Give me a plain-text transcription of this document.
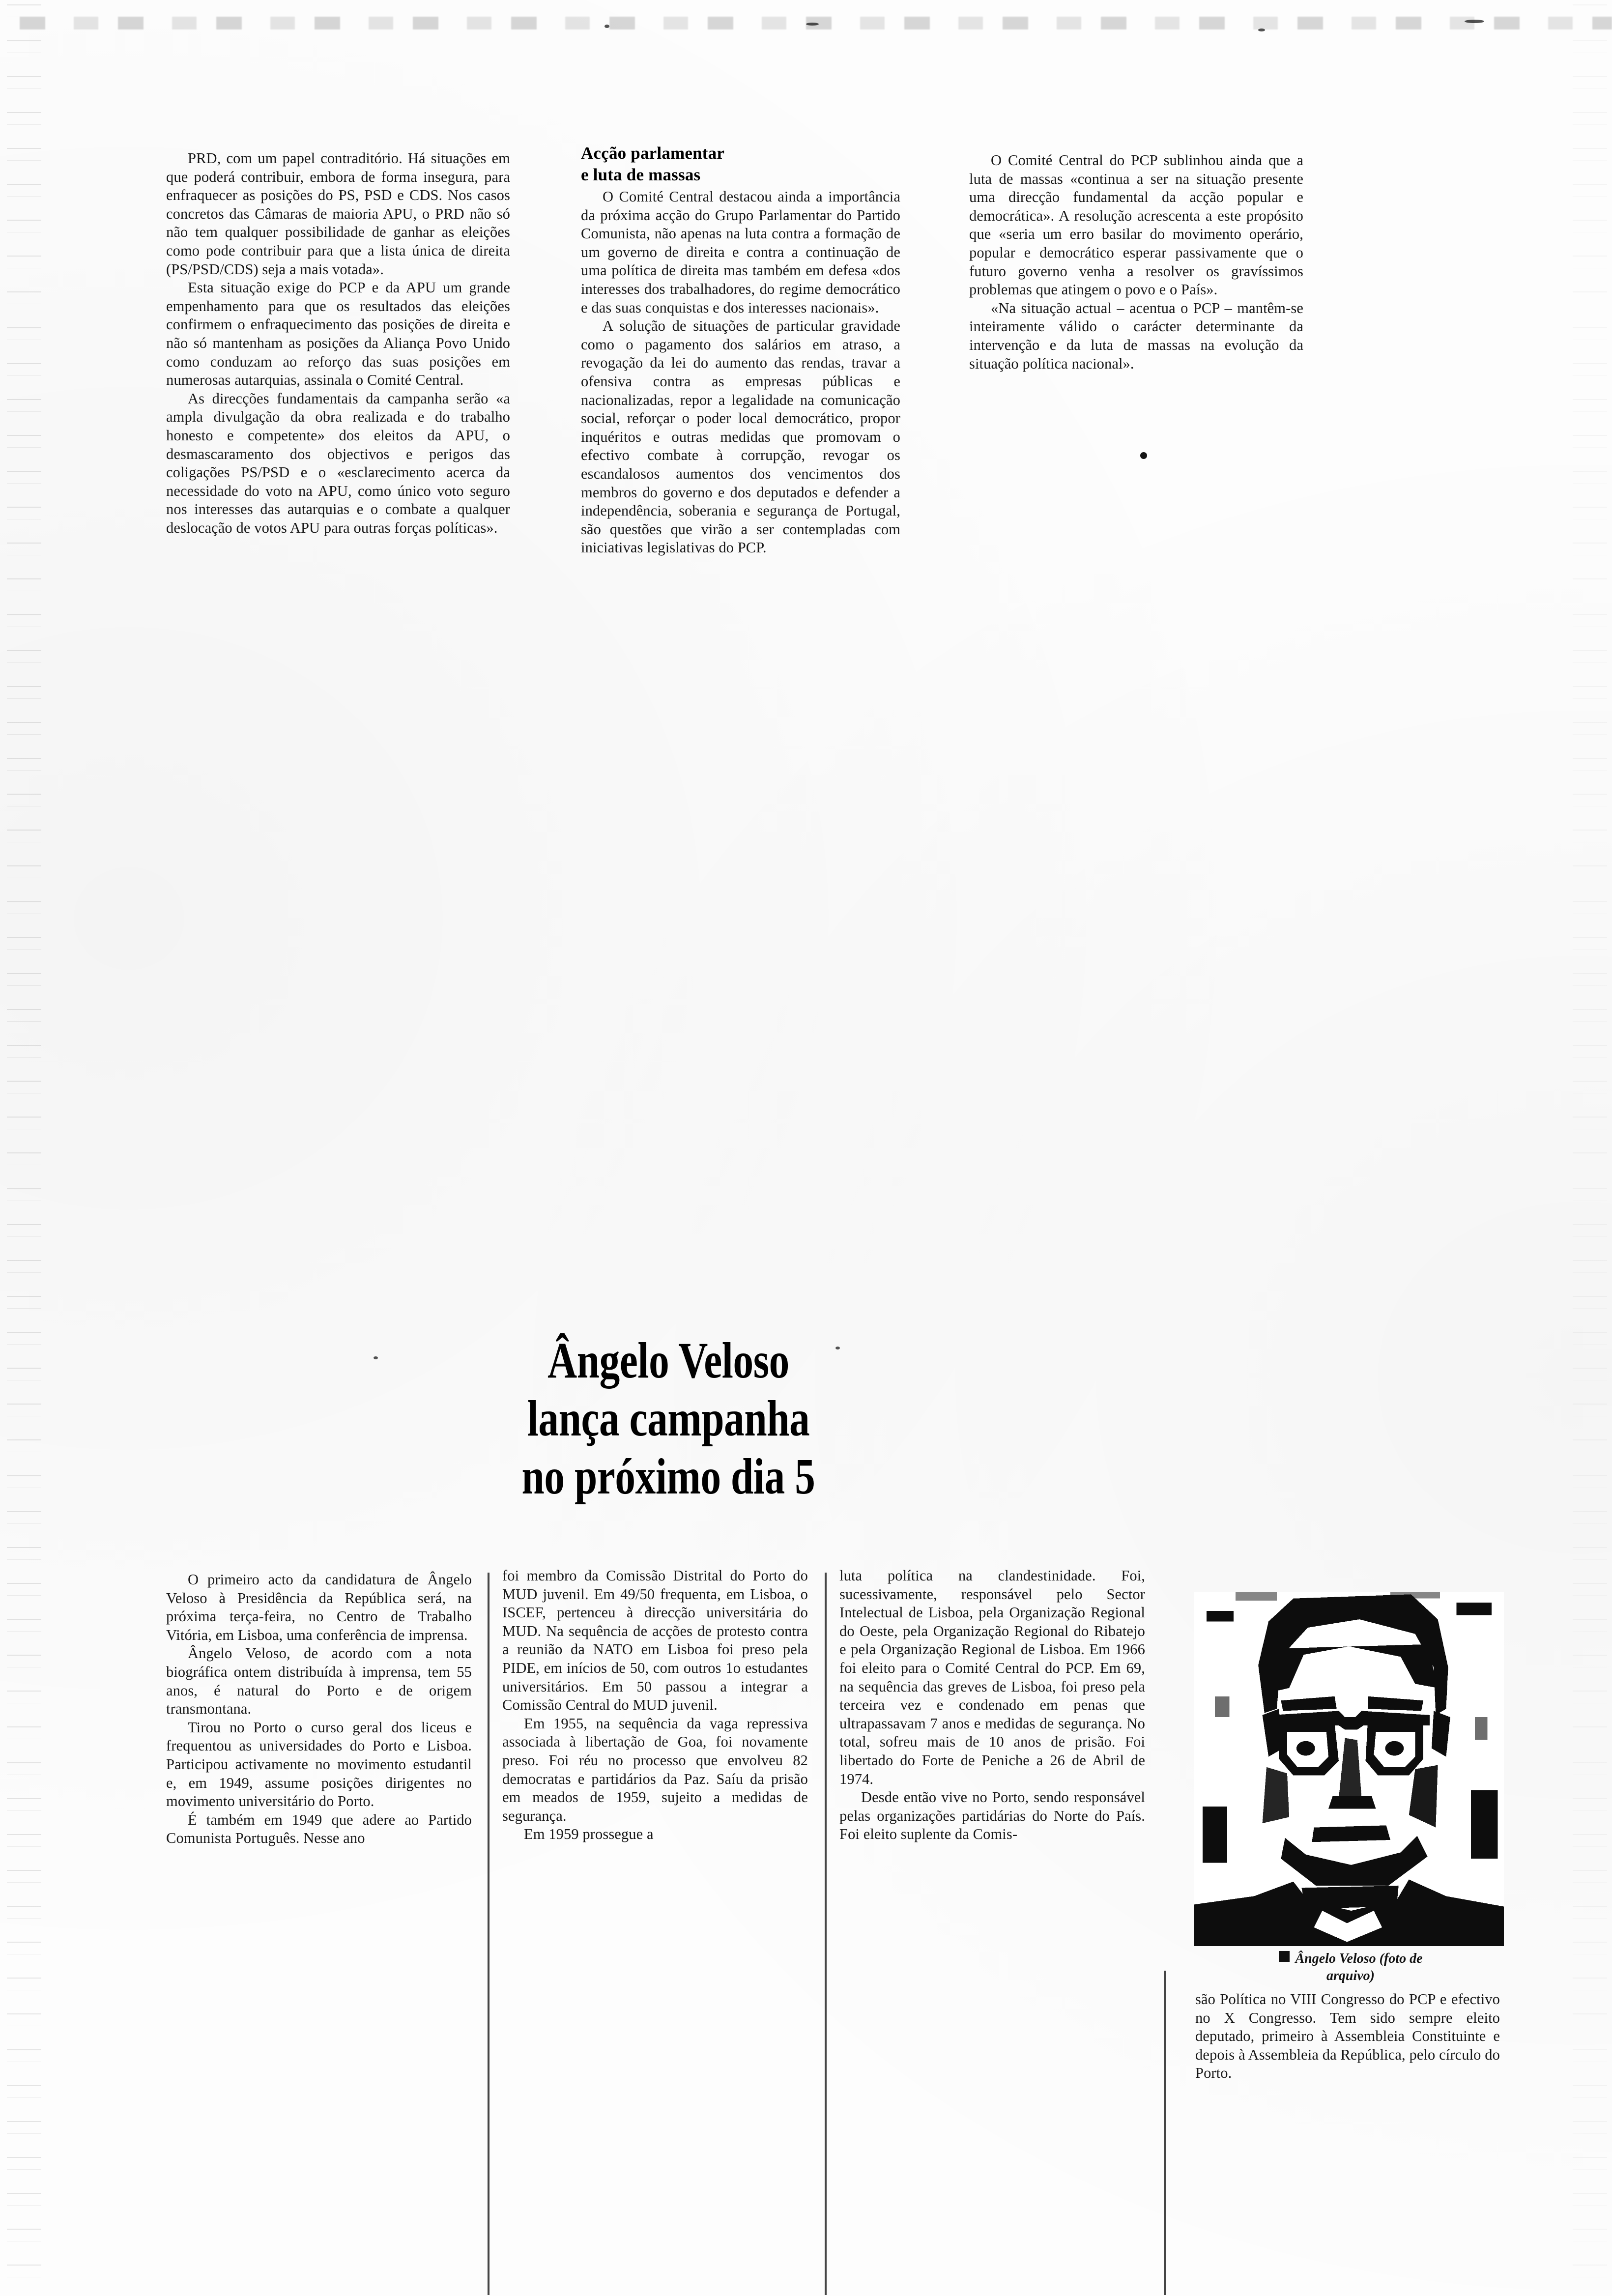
PRD, com um papel contraditório. Há situações em que poderá contribuir, embora de forma insegura, para enfraquecer as posições do PS, PSD e CDS. Nos casos concretos das Câmaras de maioria APU, o PRD não só não tem qualquer possibilidade de ganhar as eleições como pode contribuir para que a lista única de direita (PS/PSD/CDS) seja a mais votada».

Esta situação exige do PCP e da APU um grande empenhamento para que os resultados das eleições confirmem o enfraquecimento das posições de direita e não só mantenham as posições da Aliança Povo Unido como conduzam ao reforço das suas posições em numerosas autarquias, assinala o Comité Central.

As direcções fundamentais da campanha serão «a ampla divulgação da obra realizada e do trabalho honesto e competente» dos eleitos da APU, o desmascaramento dos objectivos e perigos das coligações PS/PSD e o «esclarecimento acerca da necessidade do voto na APU, como único voto seguro nos interesses das autarquias e o combate a qualquer deslocação de votos APU para outras forças políticas».

Acção parlamentar
e luta de massas

O Comité Central destacou ainda a importância da próxima acção do Grupo Parlamentar do Partido Comunista, não apenas na luta contra a formação de um governo de direita e contra a continuação de uma política de direita mas também em defesa «dos interesses dos trabalhadores, do regime democrático e das suas conquistas e dos interesses nacionais».

A solução de situações de particular gravidade como o pagamento dos salários em atraso, a revogação da lei do aumento das rendas, travar a ofensiva contra as empresas públicas e nacionalizadas, repor a legalidade na comunicação social, reforçar o poder local democrático, propor inquéritos e outras medidas que promovam o efectivo combate à corrupção, revogar os escandalosos aumentos dos vencimentos dos membros do governo e dos deputados e defender a independência, soberania e segurança de Portugal, são questões que virão a ser contempladas com iniciativas legislativas do PCP.

O Comité Central do PCP sublinhou ainda que a luta de massas «continua a ser na situação presente uma direcção fundamental da acção popular e democrática». A resolução acrescenta a este propósito que «seria um erro basilar do movimento operário, popular e democrático esperar passivamente que o futuro governo venha a resolver os gravíssimos problemas que atingem o povo e o País».

«Na situação actual – acentua o PCP – mantêm-se inteiramente válido o carácter determinante da intervenção e da luta de massas na evolução da situação política nacional».

Ângelo Veloso
lança campanha
no próximo dia 5

O primeiro acto da candidatura de Ângelo Veloso à Presidência da República será, na próxima terça-feira, no Centro de Trabalho Vitória, em Lisboa, uma conferência de imprensa.

Ângelo Veloso, de acordo com a nota biográfica ontem distribuída à imprensa, tem 55 anos, é natural do Porto e de origem transmontana.

Tirou no Porto o curso geral dos liceus e frequentou as universidades do Porto e Lisboa. Participou activamente no movimento estudantil e, em 1949, assume posições dirigentes no movimento universitário do Porto.

É também em 1949 que adere ao Partido Comunista Português. Nesse ano

foi membro da Comissão Distrital do Porto do MUD juvenil. Em 49/50 frequenta, em Lisboa, o ISCEF, pertenceu à direcção universitária do MUD. Na sequência de acções de protesto contra a reunião da NATO em Lisboa foi preso pela PIDE, em inícios de 50, com outros 1o estudantes universitários. Em 50 passou a integrar a Comissão Central do MUD juvenil.

Em 1955, na sequência da vaga repressiva associada à libertação de Goa, foi novamente preso. Foi réu no processo que envolveu 82 democratas e partidários da Paz. Saíu da prisão em meados de 1959, sujeito a medidas de segurança.

Em 1959 prossegue a

luta política na clandestinidade. Foi, sucessivamente, responsável pelo Sector Intelectual de Lisboa, pela Organização Regional do Oeste, pela Organização Regional do Ribatejo e pela Organização Regional de Lisboa. Em 1966 foi eleito para o Comité Central do PCP. Em 69, na sequência das greves de Lisboa, foi preso pela terceira vez e condenado em penas que ultrapassavam 7 anos e medidas de segurança. No total, sofreu mais de 10 anos de prisão. Foi libertado do Forte de Peniche a 26 de Abril de 1974.

Desde então vive no Porto, sendo responsável pelas organizações partidárias do Norte do País. Foi eleito suplente da Comis-

são Política no VIII Congresso do PCP e efectivo no X Congresso. Tem sido sempre eleito deputado, primeiro à Assembleia Constituinte e depois à Assembleia da República, pelo círculo do Porto.

Ângelo Veloso (foto de
arquivo)
